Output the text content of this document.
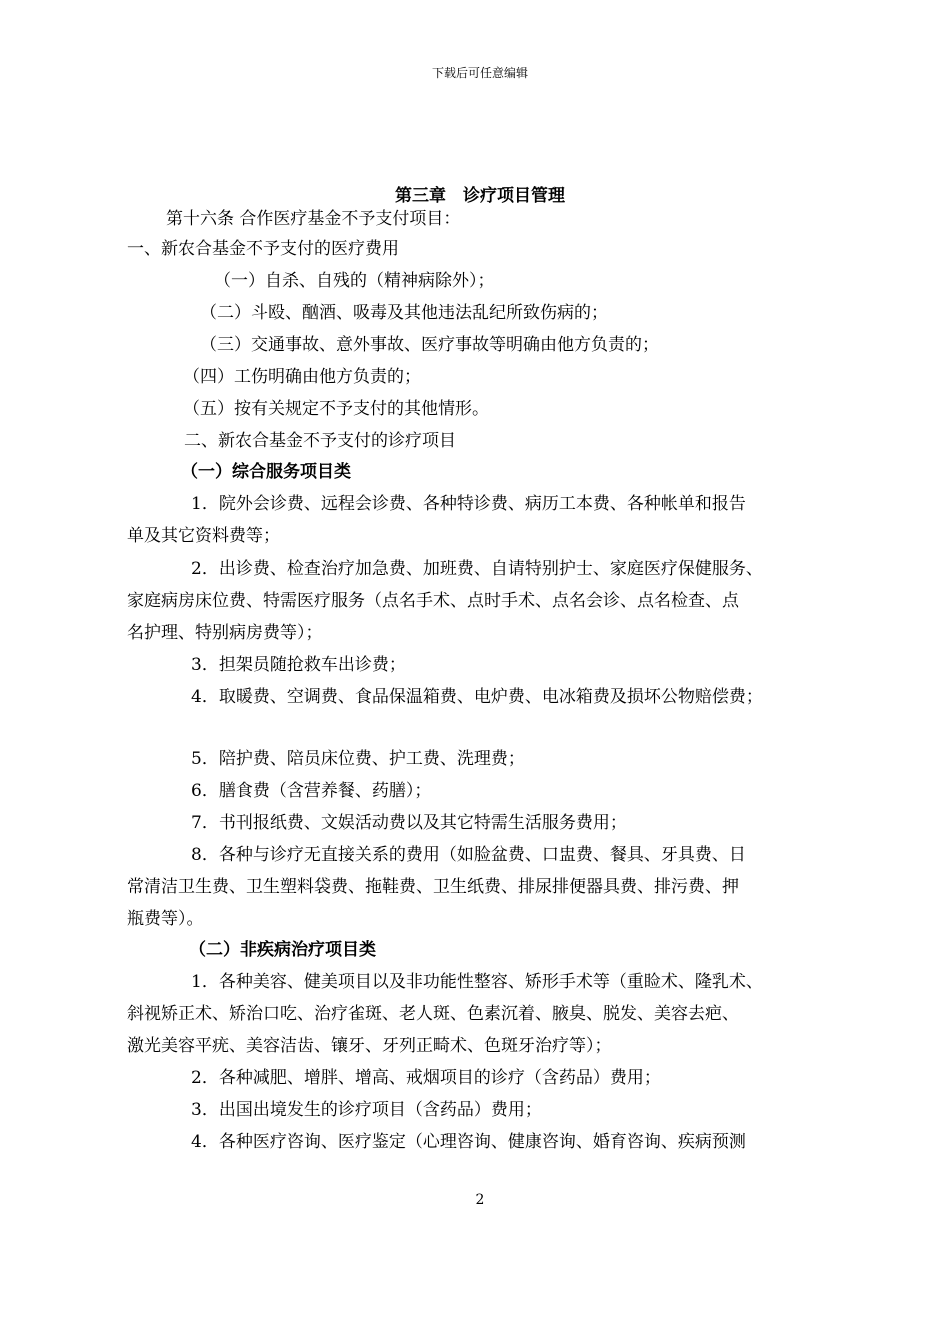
下载后可任意编辑
第三章　诊疗项目管理
第十六条 合作医疗基金不予支付项目：
一、新农合基金不予支付的医疗费用
（一）自杀、自残的（精神病除外）；
（二）斗殴、酗酒、吸毒及其他违法乱纪所致伤病的；
（三）交通事故、意外事故、医疗事故等明确由他方负责的；
（四）工伤明确由他方负责的；
（五）按有关规定不予支付的其他情形。
二、新农合基金不予支付的诊疗项目
（一）综合服务项目类
1．院外会诊费、远程会诊费、各种特诊费、病历工本费、各种帐单和报告
单及其它资料费等；
2．出诊费、检查治疗加急费、加班费、自请特别护士、家庭医疗保健服务、
家庭病房床位费、特需医疗服务（点名手术、点时手术、点名会诊、点名检查、点
名护理、特别病房费等）；
3．担架员随抢救车出诊费；
4．取暖费、空调费、食品保温箱费、电炉费、电冰箱费及损坏公物赔偿费；
5．陪护费、陪员床位费、护工费、洗理费；
6．膳食费（含营养餐、药膳）；
7．书刊报纸费、文娱活动费以及其它特需生活服务费用；
8．各种与诊疗无直接关系的费用（如脸盆费、口盅费、餐具、牙具费、日
常清洁卫生费、卫生塑料袋费、拖鞋费、卫生纸费、排尿排便器具费、排污费、押
瓶费等）。
（二）非疾病治疗项目类
1．各种美容、健美项目以及非功能性整容、矫形手术等（重睑术、隆乳术、
斜视矫正术、矫治口吃、治疗雀斑、老人斑、色素沉着、腋臭、脱发、美容去疤、
激光美容平疣、美容洁齿、镶牙、牙列正畸术、色斑牙治疗等）；
2．各种减肥、增胖、增高、戒烟项目的诊疗（含药品）费用；
3．出国出境发生的诊疗项目（含药品）费用；
4．各种医疗咨询、医疗鉴定（心理咨询、健康咨询、婚育咨询、疾病预测
2
